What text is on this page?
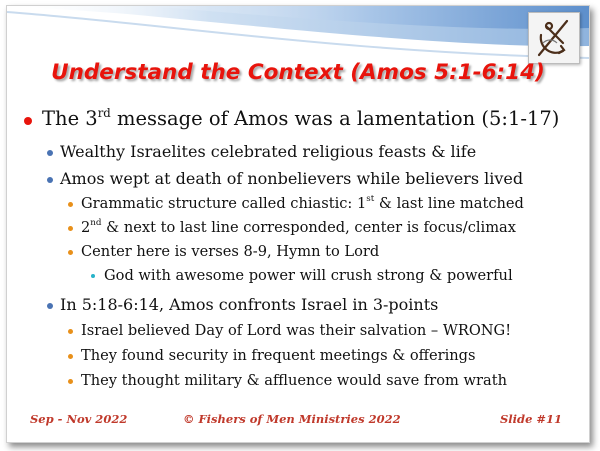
Understand the Context (Amos 5:1-6:14)
The 3rd message of Amos was a lamentation (5:1-17)
Wealthy Israelites celebrated religious feasts & life
Amos wept at death of nonbelievers while believers lived
Grammatic structure called chiastic: 1st & last line matched
2nd & next to last line corresponded, center is focus/climax
Center here is verses 8-9, Hymn to Lord
God with awesome power will crush strong & powerful
In 5:18-6:14, Amos confronts Israel in 3-points
Israel believed Day of Lord was their salvation – WRONG!
They found security in frequent meetings & offerings
They thought military & affluence would save from wrath
Sep - Nov 2022	© Fishers of Men Ministries 2022	Slide #11
